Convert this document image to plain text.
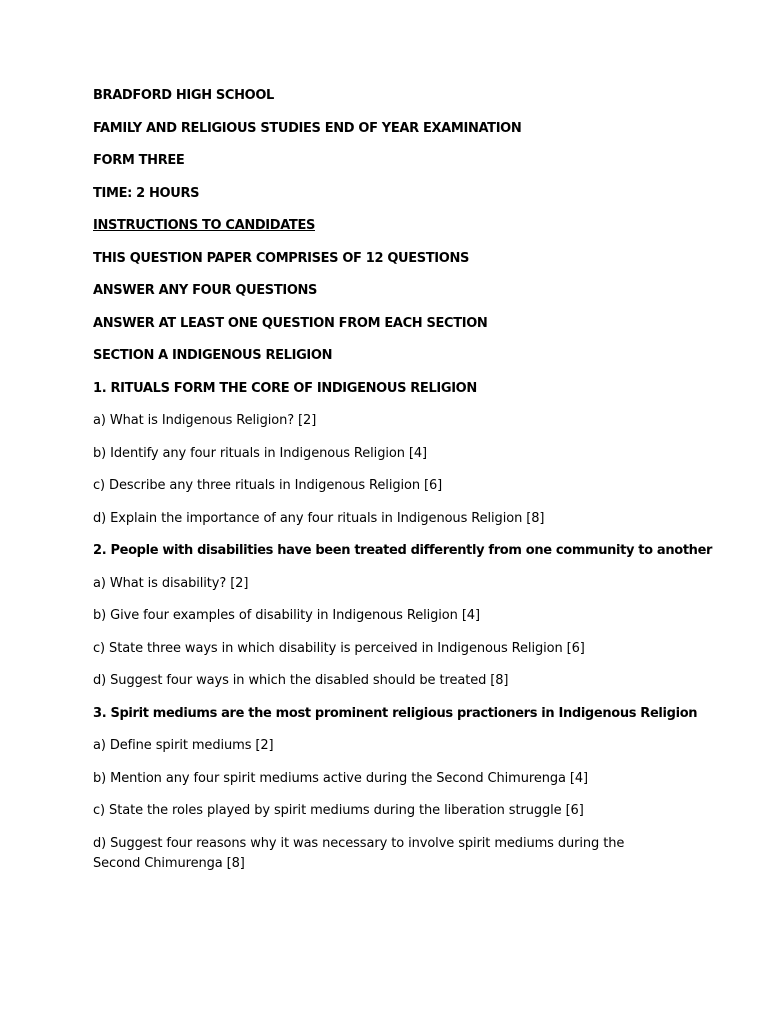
BRADFORD HIGH SCHOOL
FAMILY AND RELIGIOUS STUDIES END OF YEAR EXAMINATION
FORM THREE
TIME: 2 HOURS
INSTRUCTIONS TO CANDIDATES
THIS QUESTION PAPER COMPRISES OF 12 QUESTIONS
ANSWER ANY FOUR QUESTIONS
ANSWER AT LEAST ONE QUESTION FROM EACH SECTION
SECTION A INDIGENOUS RELIGION
1. RITUALS FORM THE CORE OF INDIGENOUS RELIGION
a) What is Indigenous Religion? [2]
b) Identify any four rituals in Indigenous Religion [4]
c) Describe any three rituals in Indigenous Religion [6]
d) Explain the importance of any four rituals in Indigenous Religion [8]
2. People with disabilities have been treated differently from one community to another
a) What is disability? [2]
b) Give four examples of disability in Indigenous Religion [4]
c) State three ways in which disability is perceived in Indigenous Religion [6]
d) Suggest four ways in which the disabled should be treated [8]
3. Spirit mediums are the most prominent religious practioners in Indigenous Religion
a) Define spirit mediums [2]
b) Mention any four spirit mediums active during the Second Chimurenga [4]
c) State the roles played by spirit mediums during the liberation struggle [6]
d) Suggest four reasons why it was necessary to involve spirit mediums during the Second Chimurenga [8]
